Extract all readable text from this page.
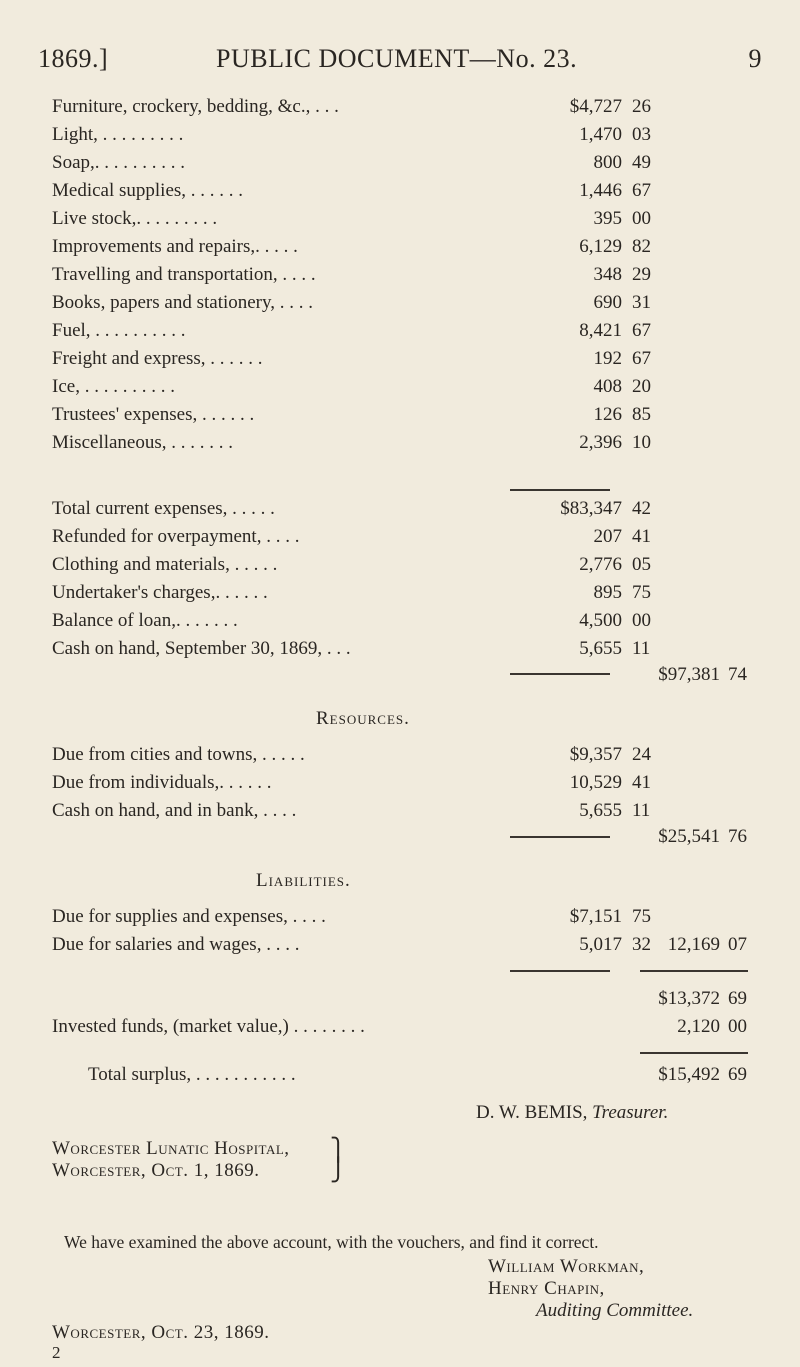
1869.]	PUBLIC DOCUMENT—No. 23.	9
Furniture, crockery, bedding, &c., . . .	$4,727 26
Light, . . . . . . . . .	1,470 03
Soap,. . . . . . . . . .	800 49
Medical supplies, . . . . . .	1,446 67
Live stock,. . . . . . . . .	395 00
Improvements and repairs,. . . . .	6,129 82
Travelling and transportation, . . . .	348 29
Books, papers and stationery, . . . .	690 31
Fuel, . . . . . . . . . .	8,421 67
Freight and express, . . . . . .	192 67
Ice, . . . . . . . . . .	408 20
Trustees' expenses, . . . . . .	126 85
Miscellaneous, . . . . . . .	2,396 10
Total current expenses, . . . . .	$83,347 42
Refunded for overpayment, . . . .	207 41
Clothing and materials, . . . . .	2,776 05
Undertaker's charges,. . . . . .	895 75
Balance of loan,. . . . . . .	4,500 00
Cash on hand, September 30, 1869, . . .	5,655 11
$97,381 74
Resources.
Due from cities and towns, . . . . .	$9,357 24
Due from individuals,. . . . . .	10,529 41
Cash on hand, and in bank, . . . .	5,655 11
$25,541 76
Liabilities.
Due for supplies and expenses, . . . .	$7,151 75
Due for salaries and wages, . . . .	5,017 32 12,169 07
$13,372 69
Invested funds, (market value,) . . . . . . . .	2,120 00
Total surplus, . . . . . . . . . . .	$15,492 69
D. W. BEMIS, Treasurer.
Worcester Lunatic Hospital,
Worcester, Oct. 1, 1869.
⎫
⎭
We have examined the above account, with the vouchers, and find it correct.
William Workman,
Henry Chapin,
Auditing Committee.
Worcester, Oct. 23, 1869.
2
